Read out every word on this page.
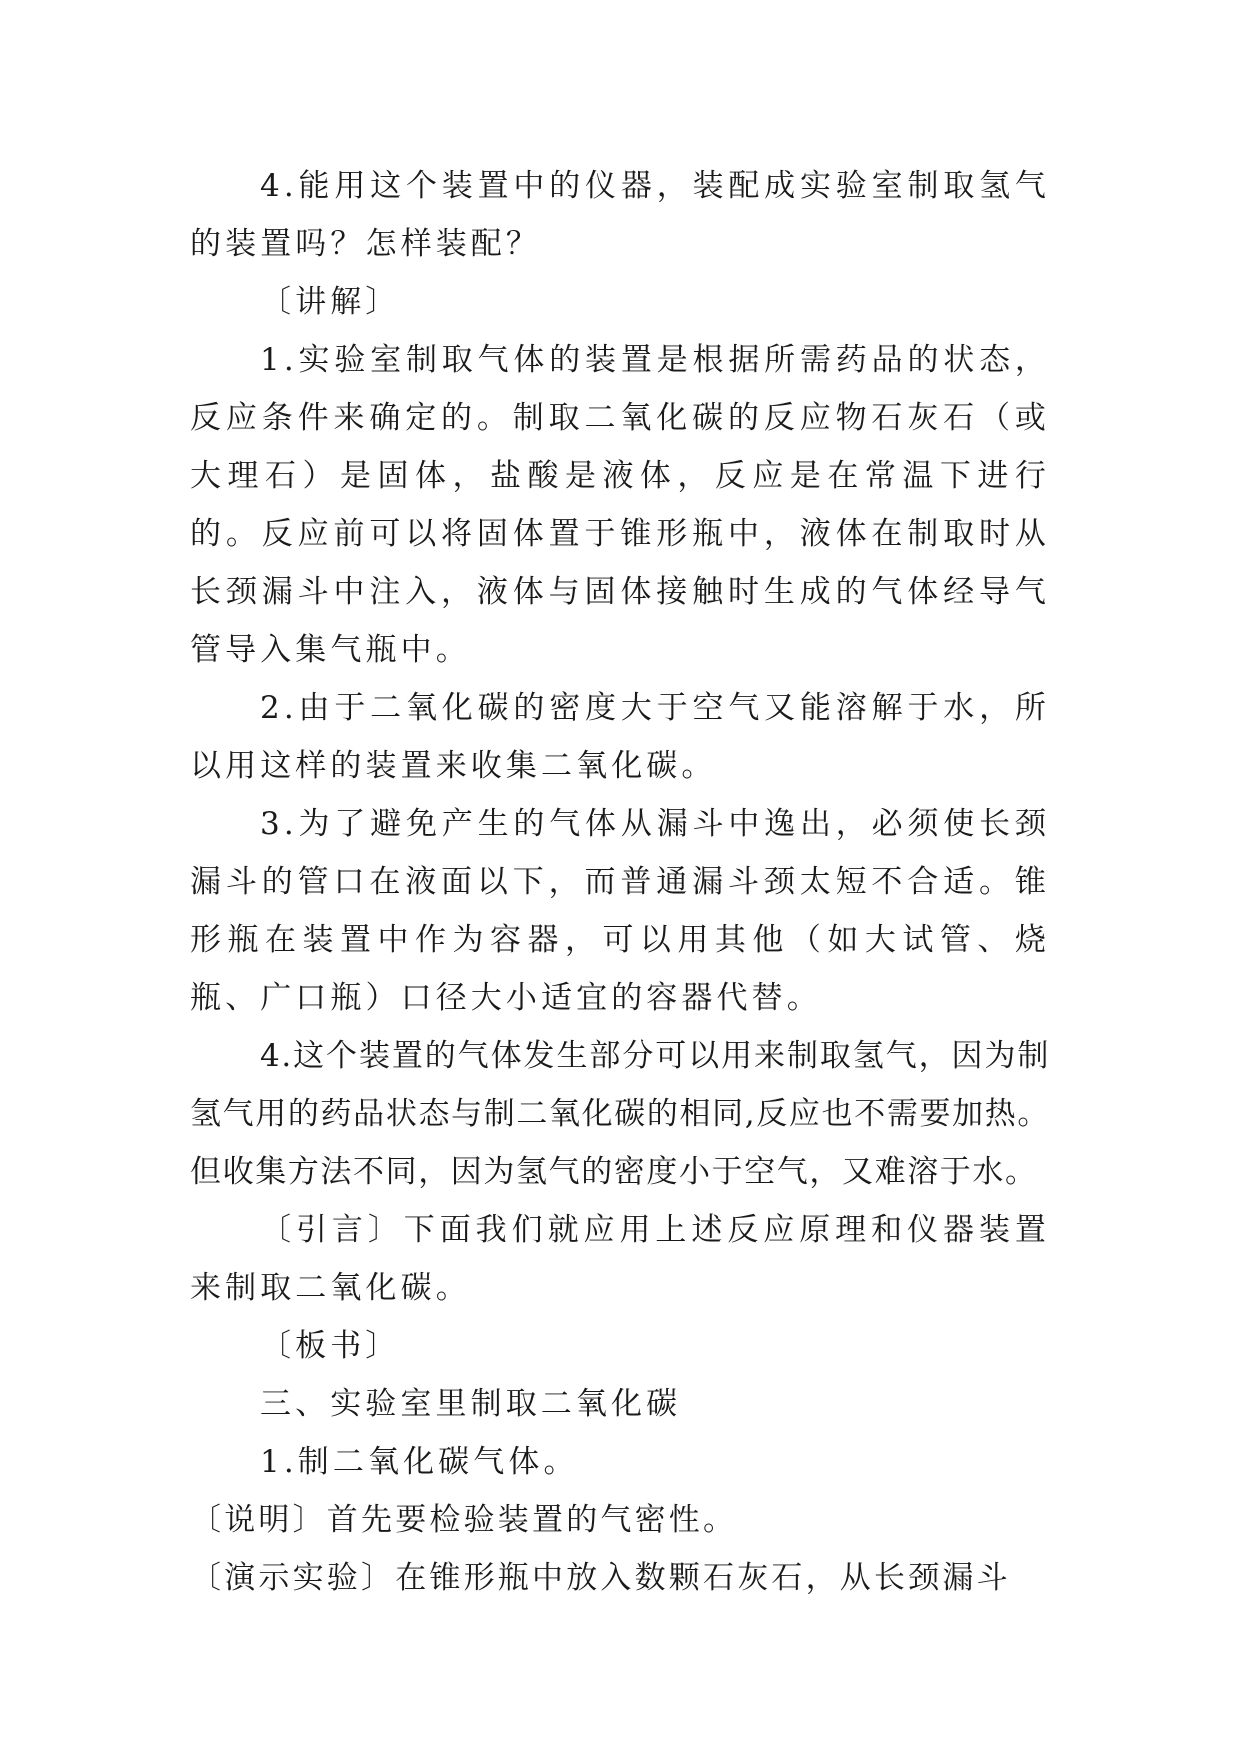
4.能用这个装置中的仪器，装配成实验室制取氢气的装置吗？怎样装配？

〔讲解〕

1.实验室制取气体的装置是根据所需药品的状态，反应条件来确定的。制取二氧化碳的反应物石灰石（或大理石）是固体，盐酸是液体，反应是在常温下进行的。反应前可以将固体置于锥形瓶中，液体在制取时从长颈漏斗中注入，液体与固体接触时生成的气体经导气管导入集气瓶中。

2.由于二氧化碳的密度大于空气又能溶解于水，所以用这样的装置来收集二氧化碳。

3.为了避免产生的气体从漏斗中逸出，必须使长颈漏斗的管口在液面以下，而普通漏斗颈太短不合适。锥形瓶在装置中作为容器，可以用其他（如大试管、烧瓶、广口瓶）口径大小适宜的容器代替。

4.这个装置的气体发生部分可以用来制取氢气，因为制氢气用的药品状态与制二氧化碳的相同,反应也不需要加热。但收集方法不同，因为氢气的密度小于空气，又难溶于水。

〔引言〕下面我们就应用上述反应原理和仪器装置来制取二氧化碳。

〔板书〕

三、实验室里制取二氧化碳

1.制二氧化碳气体。

〔说明〕首先要检验装置的气密性。

〔演示实验〕在锥形瓶中放入数颗石灰石，从长颈漏斗
